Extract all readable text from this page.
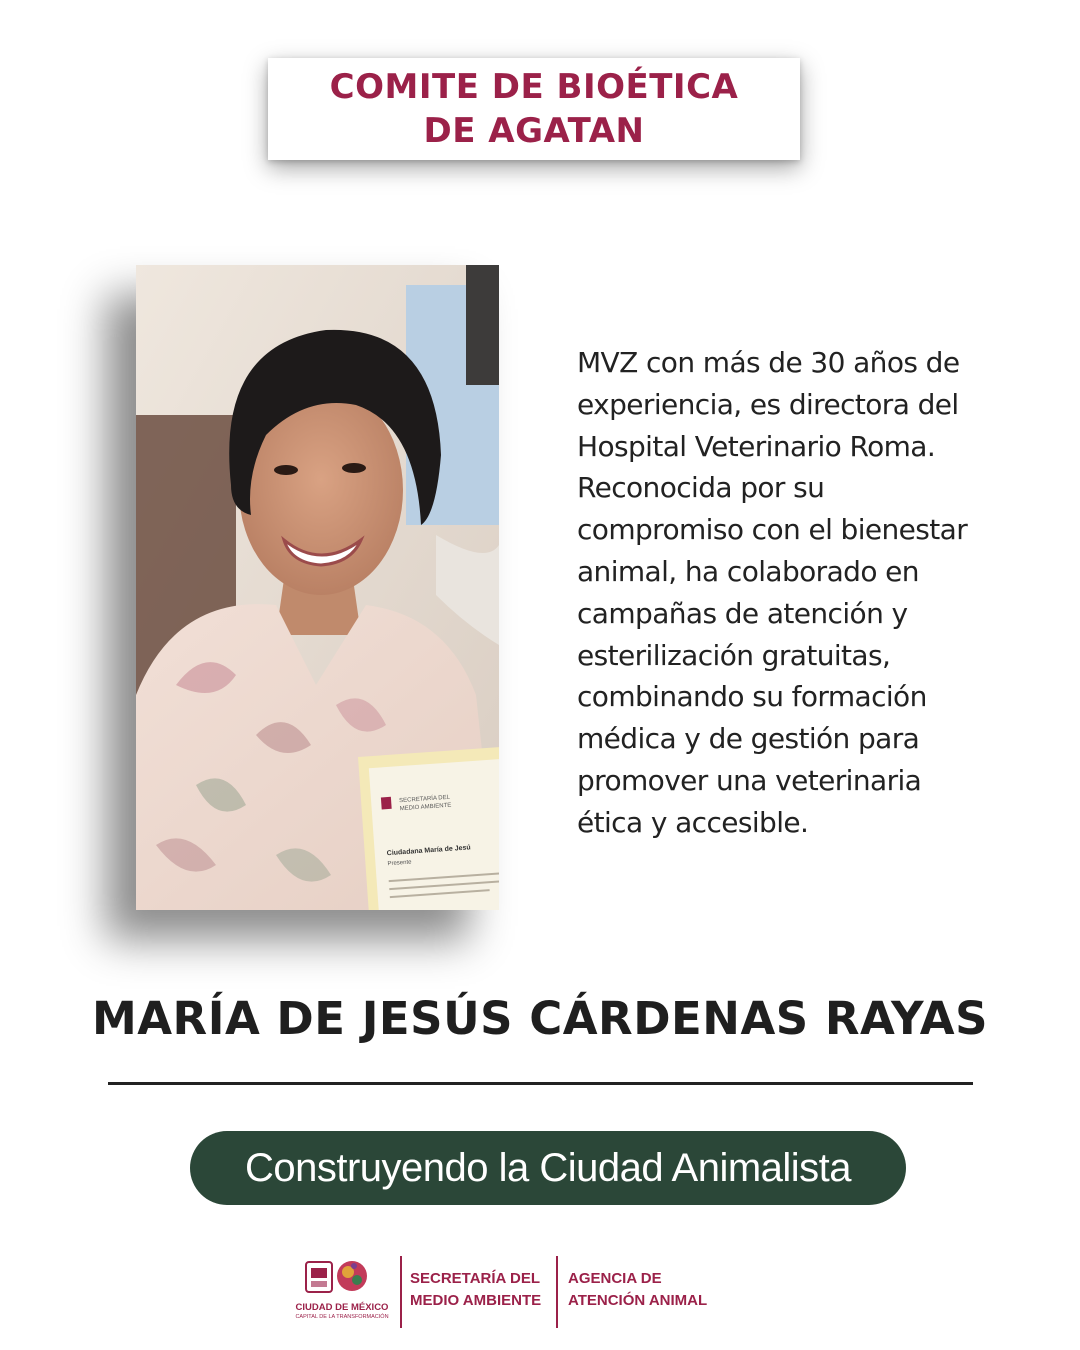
COMITE DE BIOÉTICA
DE AGATAN
SECRETARÍA DEL
MEDIO AMBIENTE
Ciudadana María de Jesú
Presente
MVZ con más de 30 años de
experiencia, es directora del
Hospital Veterinario Roma.
Reconocida por su
compromiso con el bienestar
animal, ha colaborado en
campañas de atención y
esterilización gratuitas,
combinando su formación
médica y de gestión para
promover una veterinaria
ética y accesible.
MARÍA DE JESÚS CÁRDENAS RAYAS
Construyendo la Ciudad Animalista
CIUDAD DE MÉXICO
CAPITAL DE LA TRANSFORMACIÓN
SECRETARÍA DEL
MEDIO AMBIENTE
AGENCIA DE
ATENCIÓN ANIMAL
